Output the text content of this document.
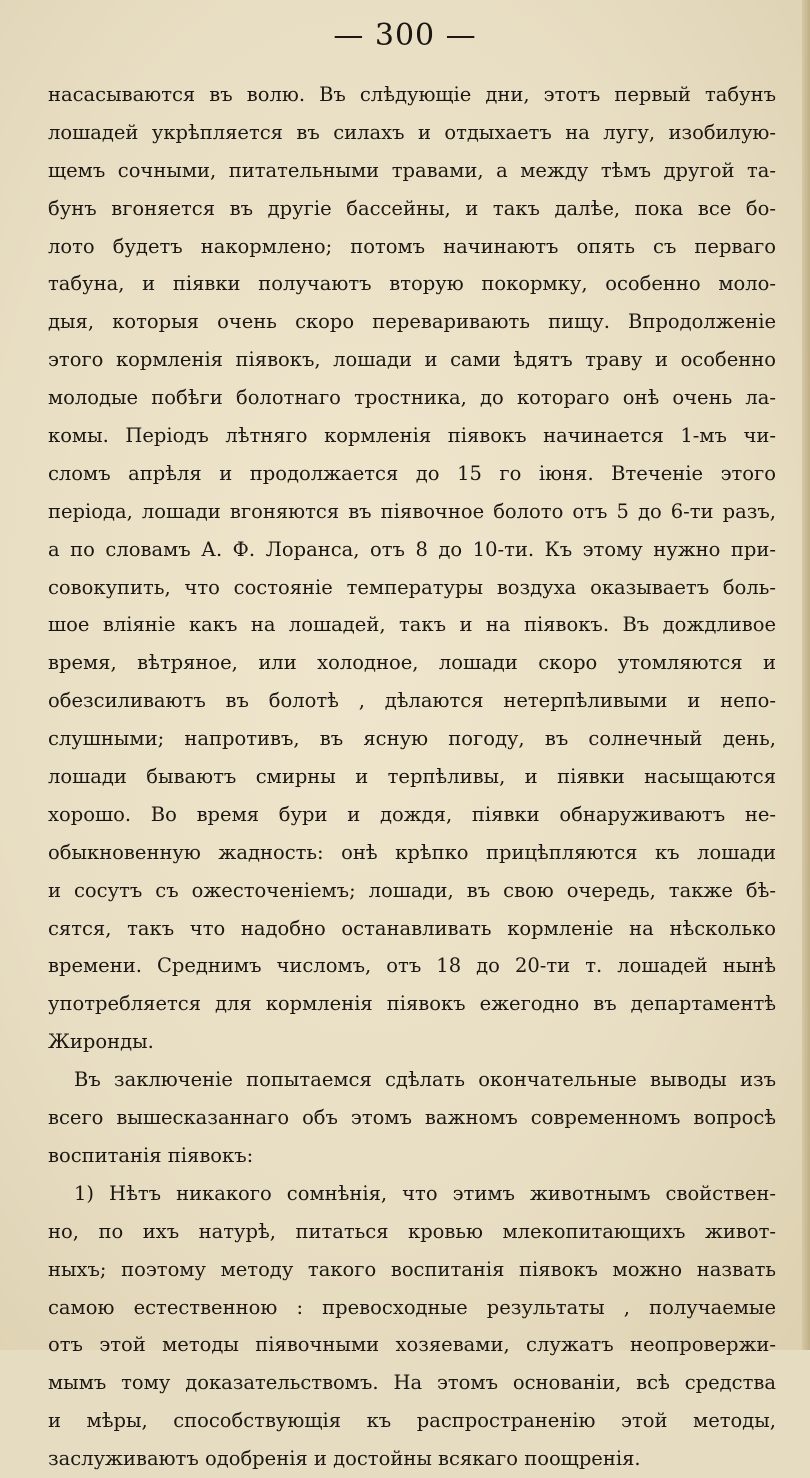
— 300 —
насасываются въ волю. Въ слѣдующіе дни, этотъ первый табунъ
лошадей укрѣпляется въ силахъ и отдыхаетъ на лугу, изобилую-
щемъ сочными, питательными травами, а между тѣмъ другой та-
бунъ вгоняется въ другіе бассейны, и такъ далѣе, пока все бо-
лото будетъ накормлено; потомъ начинаютъ опять съ перваго
табуна, и піявки получаютъ вторую покормку, особенно моло-
дыя, которыя очень скоро переваривають пищу. Впродолженіе
этого кормленія піявокъ, лошади и сами ѣдятъ траву и особенно
молодые побѣги болотнаго тростника, до котораго онѣ очень ла-
комы. Періодъ лѣтняго кормленія піявокъ начинается 1-мъ чи-
сломъ апрѣля и продолжается до 15 го іюня. Втеченіе этого
періода, лошади вгоняются въ піявочное болото отъ 5 до 6-ти разъ,
а по словамъ А. Ф. Лоранса, отъ 8 до 10-ти. Къ этому нужно при-
совокупить, что состояніе температуры воздуха оказываетъ боль-
шое вліяніе какъ на лошадей, такъ и на піявокъ. Въ дождливое
время, вѣтряное, или холодное, лошади скоро утомляются и
обезсиливаютъ въ болотѣ , дѣлаются нетерпѣливыми и непо-
слушными; напротивъ, въ ясную погоду, въ солнечный день,
лошади бываютъ смирны и терпѣливы, и піявки насыщаются
хорошо. Во время бури и дождя, піявки обнаруживаютъ не-
обыкновенную жадность: онѣ крѣпко прицѣпляются къ лошади
и сосутъ съ ожесточеніемъ; лошади, въ свою очередь, также бѣ-
сятся, такъ что надобно останавливать кормленіе на нѣсколько
времени. Среднимъ числомъ, отъ 18 до 20-ти т. лошадей нынѣ
употребляется для кормленія піявокъ ежегодно въ департаментѣ
Жиронды.
Въ заключеніе попытаемся сдѣлать окончательные выводы изъ
всего вышесказаннаго объ этомъ важномъ современномъ вопросѣ
воспитанія піявокъ:
1) Нѣтъ никакого сомнѣнія, что этимъ животнымъ свойствен-
но, по ихъ натурѣ, питаться кровью млекопитающихъ живот-
ныхъ; поэтому методу такого воспитанія піявокъ можно назвать
самою естественною : превосходные результаты , получаемые
отъ этой методы піявочными хозяевами, служатъ неопровержи-
мымъ тому доказательствомъ. На этомъ основаніи, всѣ средства
и мѣры, способствующія къ распространенію этой методы,
заслуживаютъ одобренія и достойны всякаго поощренія.
